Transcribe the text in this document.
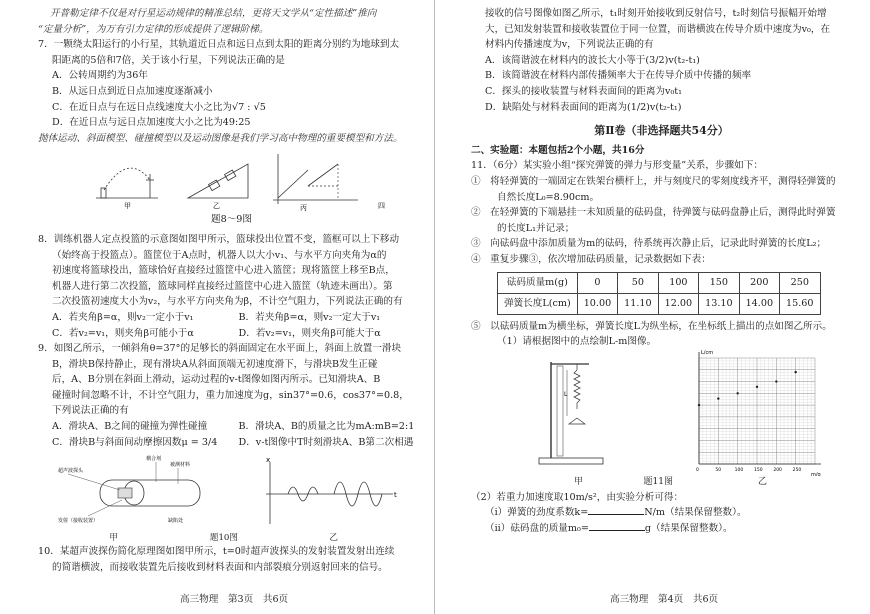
开普勒定律不仅是对行星运动规律的精准总结，更将天文学从“定性描述”推向

“定量分析”，为万有引力定律的形成提供了逻辑阶梯。

7．一颗绕太阳运行的小行星，其轨道近日点和远日点到太阳的距离分别约为地球到太

阳距离的5倍和7倍，关于该小行星，下列说法正确的是

A．公转周期约为36年

B．从远日点到近日点加速度逐渐减小

C．在近日点与在远日点线速度大小之比为√7 : √5

D．在近日点与远日点加速度大小之比为49:25

抛体运动、斜面模型、碰撞模型以及运动图像是我们学习高中物理的重要模型和方法。

甲	乙	丙	四

题8～9图

8．训练机器人定点投篮的示意图如图甲所示，篮球投出位置不变，篮框可以上下移动

（始终高于投篮点）。篮筐位于A点时，机器人以大小v₁、与水平方向夹角为α的

初速度将篮球投出，篮球恰好直接经过篮筐中心进入篮筐；现将篮筐上移至B点，

机器人进行第二次投篮，篮球同样直接经过篮筐中心进入篮筐（轨迹未画出）。第

二次投篮初速度大小为v₂，与水平方向夹角为β，不计空气阻力，下列说法正确的有

A．若夹角β=α，则v₂一定小于v₁	B．若夹角β=α，则v₂一定大于v₁
C．若v₂=v₁，则夹角β可能小于α	D．若v₂=v₁，则夹角β可能大于α

9．如图乙所示，一倾斜角θ=37°的足够长的斜面固定在水平面上，斜面上放置一滑块

B，滑块B保持静止，现有滑块A从斜面顶端无初速度滑下，与滑块B发生正碰

后，A、B分别在斜面上滑动，运动过程的v-t图像如图丙所示。已知滑块A、B

碰撞时间忽略不计，不计空气阻力，重力加速度为g，sin37°=0.6，cos37°=0.8，

下列说法正确的有

A．滑块A、B之间的碰撞为弹性碰撞	B．滑块A、B的质量之比为mA:mB=2:1
C．滑块B与斜面间动摩擦因数μ = 3/4	D．v-t图像中T时刻滑块A、B第二次相遇
超声波探头
耦合剂
被测材料
发射（接收装置）	缺陷处
x
t
甲	题10图	乙

10．某超声波探伤简化原理图如图甲所示，t=0时超声波探头的发射装置发射出连续

的简谐横波，而接收装置先后接收到材料表面和内部裂痕分别返射回来的信号。

高三物理　第3页　共6页

接收的信号图像如图乙所示，t₁时刻开始接收到反射信号，t₂时刻信号振幅开始增

大，已知发射装置和接收装置位于同一位置，而谐横波在传导介质中速度为v₀，在

材料内传播速度为v，下列说法正确的有

A．该简谐波在材料内的波长大小等于(3/2)v(t₂-t₁)

B．该简谐波在材料内部传播频率大于在传导介质中传播的频率

C．探头的接收装置与材料表面间的距离为v₀t₁

D．缺陷处与材料表面间的距离为(1/2)v(t₂-t₁)

第Ⅱ卷（非选择题共54分）

二、实验题：本题包括2个小题，共16分

11．（6分）某实验小组“探究弹簧的弹力与形变量”关系，步骤如下：

①　将轻弹簧的一端固定在铁架台横杆上，并与刻度尺的零刻度线齐平，测得轻弹簧的

自然长度L₀=8.90cm。

②　在轻弹簧的下端悬挂一未知质量的砝码盘，待弹簧与砝码盘静止后，测得此时弹簧

的长度L₁并记录；

③　向砝码盘中添加质量为m的砝码，待系统再次静止后，记录此时弹簧的长度L₂；

④　重复步骤③，依次增加砝码质量，记录数据如下表：

砝码质量m(g)	0	50	100	150	200	250
弹簧长度L(cm)	10.00	11.10	12.00	13.10	14.00	15.60

⑤　以砝码质量m为横坐标，弹簧长度L为纵坐标，在坐标纸上描出的点如图乙所示。

（1）请根据图中的点绘制L-m图像。

L
L/cm
m/g
0	50	100 150 200 250
甲	题11图	乙

（2）若重力加速度取10m/s²，由实验分析可得：

（i）弹簧的劲度系数k=	N/m（结果保留整数）。

（ii）砝码盘的质量m₀=	g（结果保留整数）。

高三物理　第4页　共6页
